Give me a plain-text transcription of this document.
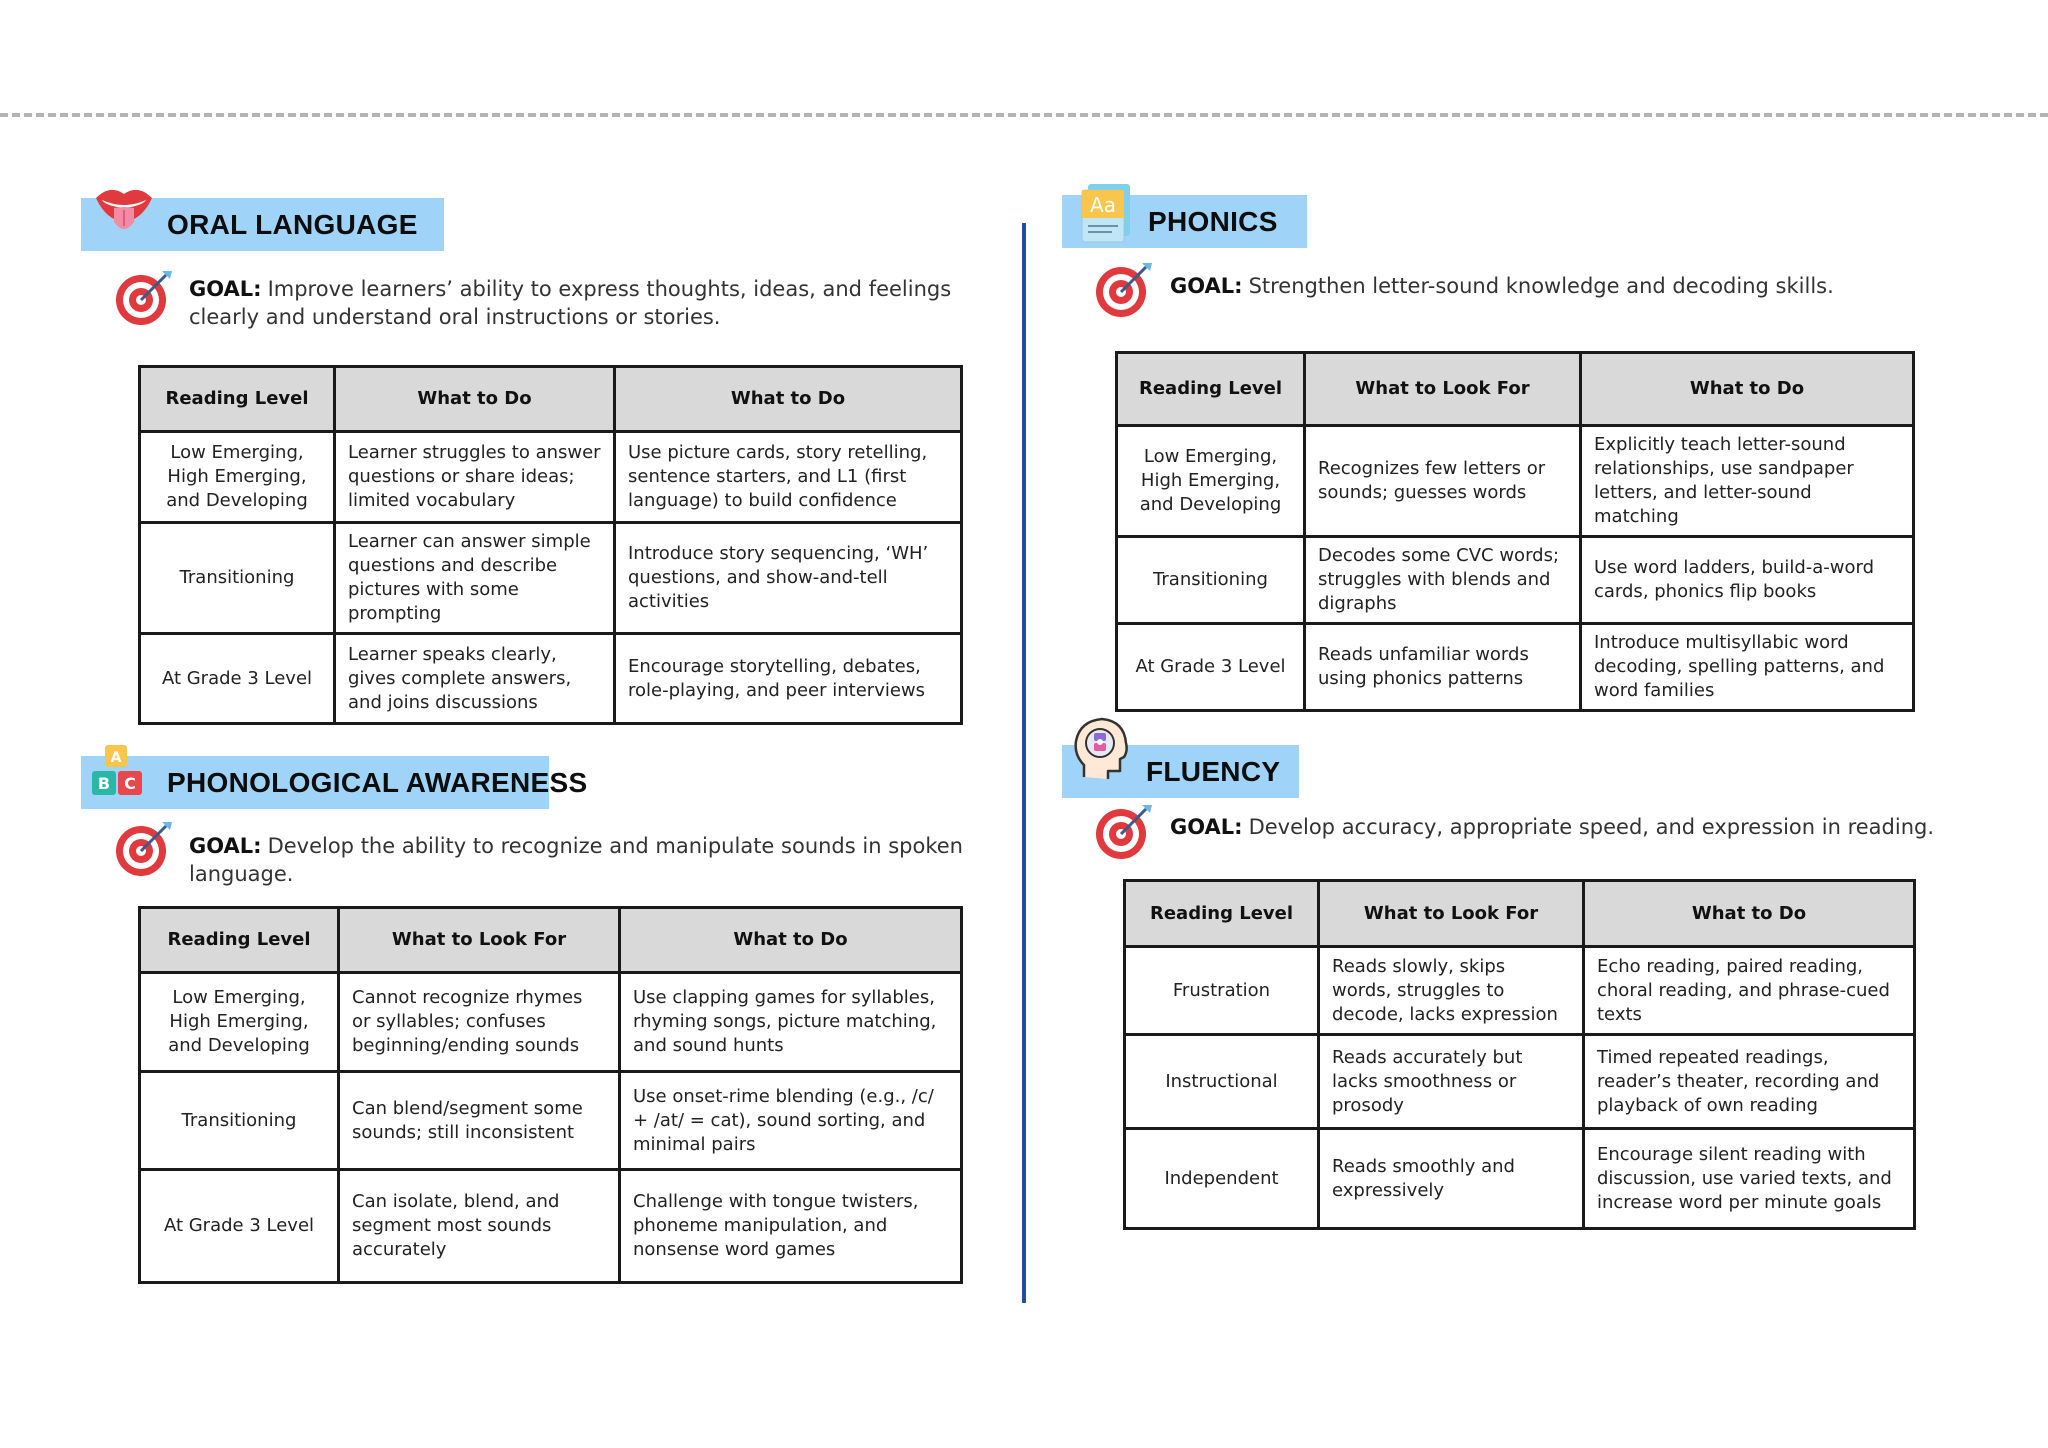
ORAL LANGUAGE
GOAL: Improve learners’ ability to express thoughts, ideas, and feelings clearly and understand oral instructions or stories.
Reading Level	What to Do	What to Do
Low Emerging, High Emerging, and Developing	Learner struggles to answer questions or share ideas; limited vocabulary	Use picture cards, story retelling, sentence starters, and L1 (first language) to build confidence
Transitioning	Learner can answer simple questions and describe pictures with some prompting	Introduce story sequencing, ‘WH’ questions, and show-and-tell activities
At Grade 3 Level	Learner speaks clearly, gives complete answers, and joins discussions	Encourage storytelling, debates, role-playing, and peer interviews
PHONOLOGICAL AWARENESS
A
B C
GOAL: Develop the ability to recognize and manipulate sounds in spoken language.
Reading Level	What to Look For	What to Do
Low Emerging, High Emerging, and Developing	Cannot recognize rhymes or syllables; confuses beginning/ending sounds	Use clapping games for syllables, rhyming songs, picture matching, and sound hunts
Transitioning	Can blend/segment some sounds; still inconsistent	Use onset-rime blending (e.g., /c/ + /at/ = cat), sound sorting, and minimal pairs
At Grade 3 Level	Can isolate, blend, and segment most sounds accurately	Challenge with tongue twisters, phoneme manipulation, and nonsense word games
PHONICS
Aa
GOAL: Strengthen letter-sound knowledge and decoding skills.
Reading Level	What to Look For	What to Do
Low Emerging, High Emerging, and Developing	Recognizes few letters or sounds; guesses words	Explicitly teach letter-sound relationships, use sandpaper letters, and letter-sound matching
Transitioning	Decodes some CVC words; struggles with blends and digraphs	Use word ladders, build-a-word cards, phonics flip books
At Grade 3 Level	Reads unfamiliar words using phonics patterns	Introduce multisyllabic word decoding, spelling patterns, and word families
FLUENCY
GOAL: Develop accuracy, appropriate speed, and expression in reading.
Reading Level	What to Look For	What to Do
Frustration	Reads slowly, skips words, struggles to decode, lacks expression	Echo reading, paired reading, choral reading, and phrase-cued texts
Instructional	Reads accurately but lacks smoothness or prosody	Timed repeated readings, reader’s theater, recording and playback of own reading
Independent	Reads smoothly and expressively	Encourage silent reading with discussion, use varied texts, and increase word per minute goals
